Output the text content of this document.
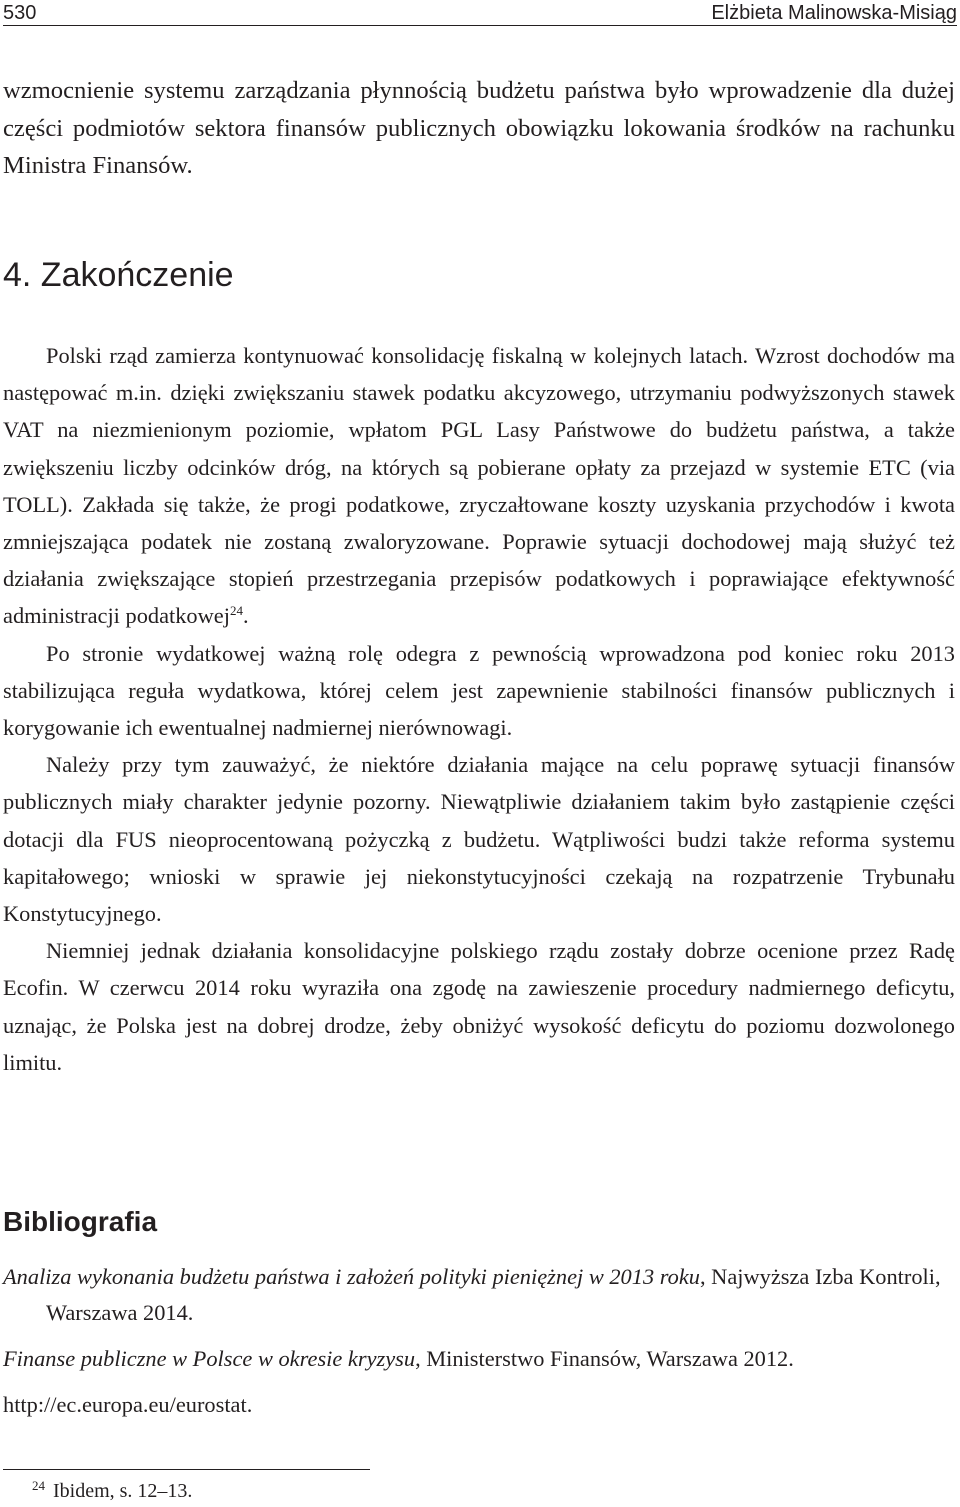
530	Elżbieta Malinowska-Misiąg

wzmocnienie systemu zarządzania płynnością budżetu państwa było wprowadzenie dla dużej części podmiotów sektora finansów publicznych obowiązku lokowania środków na rachunku Ministra Finansów.

4. Zakończenie

Polski rząd zamierza kontynuować konsolidację fiskalną w kolejnych latach. Wzrost dochodów ma następować m.in. dzięki zwiększaniu stawek podatku akcyzowego, utrzymaniu podwyższonych stawek VAT na niezmienionym poziomie, wpłatom PGL Lasy Państwowe do budżetu państwa, a także zwiększeniu liczby odcinków dróg, na których są pobierane opłaty za przejazd w systemie ETC (via TOLL). Zakłada się także, że progi podatkowe, zryczałtowane koszty uzyskania przychodów i kwota zmniejszająca podatek nie zostaną zwaloryzowane. Poprawie sytuacji dochodowej mają służyć też działania zwiększające stopień przestrzegania przepisów podatkowych i poprawiające efektywność administracji podatkowej$^{24}$.

Po stronie wydatkowej ważną rolę odegra z pewnością wprowadzona pod koniec roku 2013 stabilizująca reguła wydatkowa, której celem jest zapewnienie stabilności finansów publicznych i korygowanie ich ewentualnej nadmiernej nierównowagi.

Należy przy tym zauważyć, że niektóre działania mające na celu poprawę sytuacji finansów publicznych miały charakter jedynie pozorny. Niewątpliwie działaniem takim było zastąpienie części dotacji dla FUS nieoprocentowaną pożyczką z budżetu. Wątpliwości budzi także reforma systemu kapitałowego; wnioski w sprawie jej niekonstytucyjności czekają na rozpatrzenie Trybunału Konstytucyjnego.

Niemniej jednak działania konsolidacyjne polskiego rządu zostały dobrze ocenione przez Radę Ecofin. W czerwcu 2014 roku wyraziła ona zgodę na zawieszenie procedury nadmiernego deficytu, uznając, że Polska jest na dobrej drodze, żeby obniżyć wysokość deficytu do poziomu dozwolonego limitu.

Bibliografia
Analiza wykonania budżetu państwa i założeń polityki pieniężnej w 2013 roku, Najwyższa Izba Kontroli, Warszawa 2014.
Finanse publiczne w Polsce w okresie kryzysu, Ministerstwo Finansów, Warszawa 2012.
http://ec.europa.eu/eurostat.
$^{24}$ Ibidem, s. 12–13.
